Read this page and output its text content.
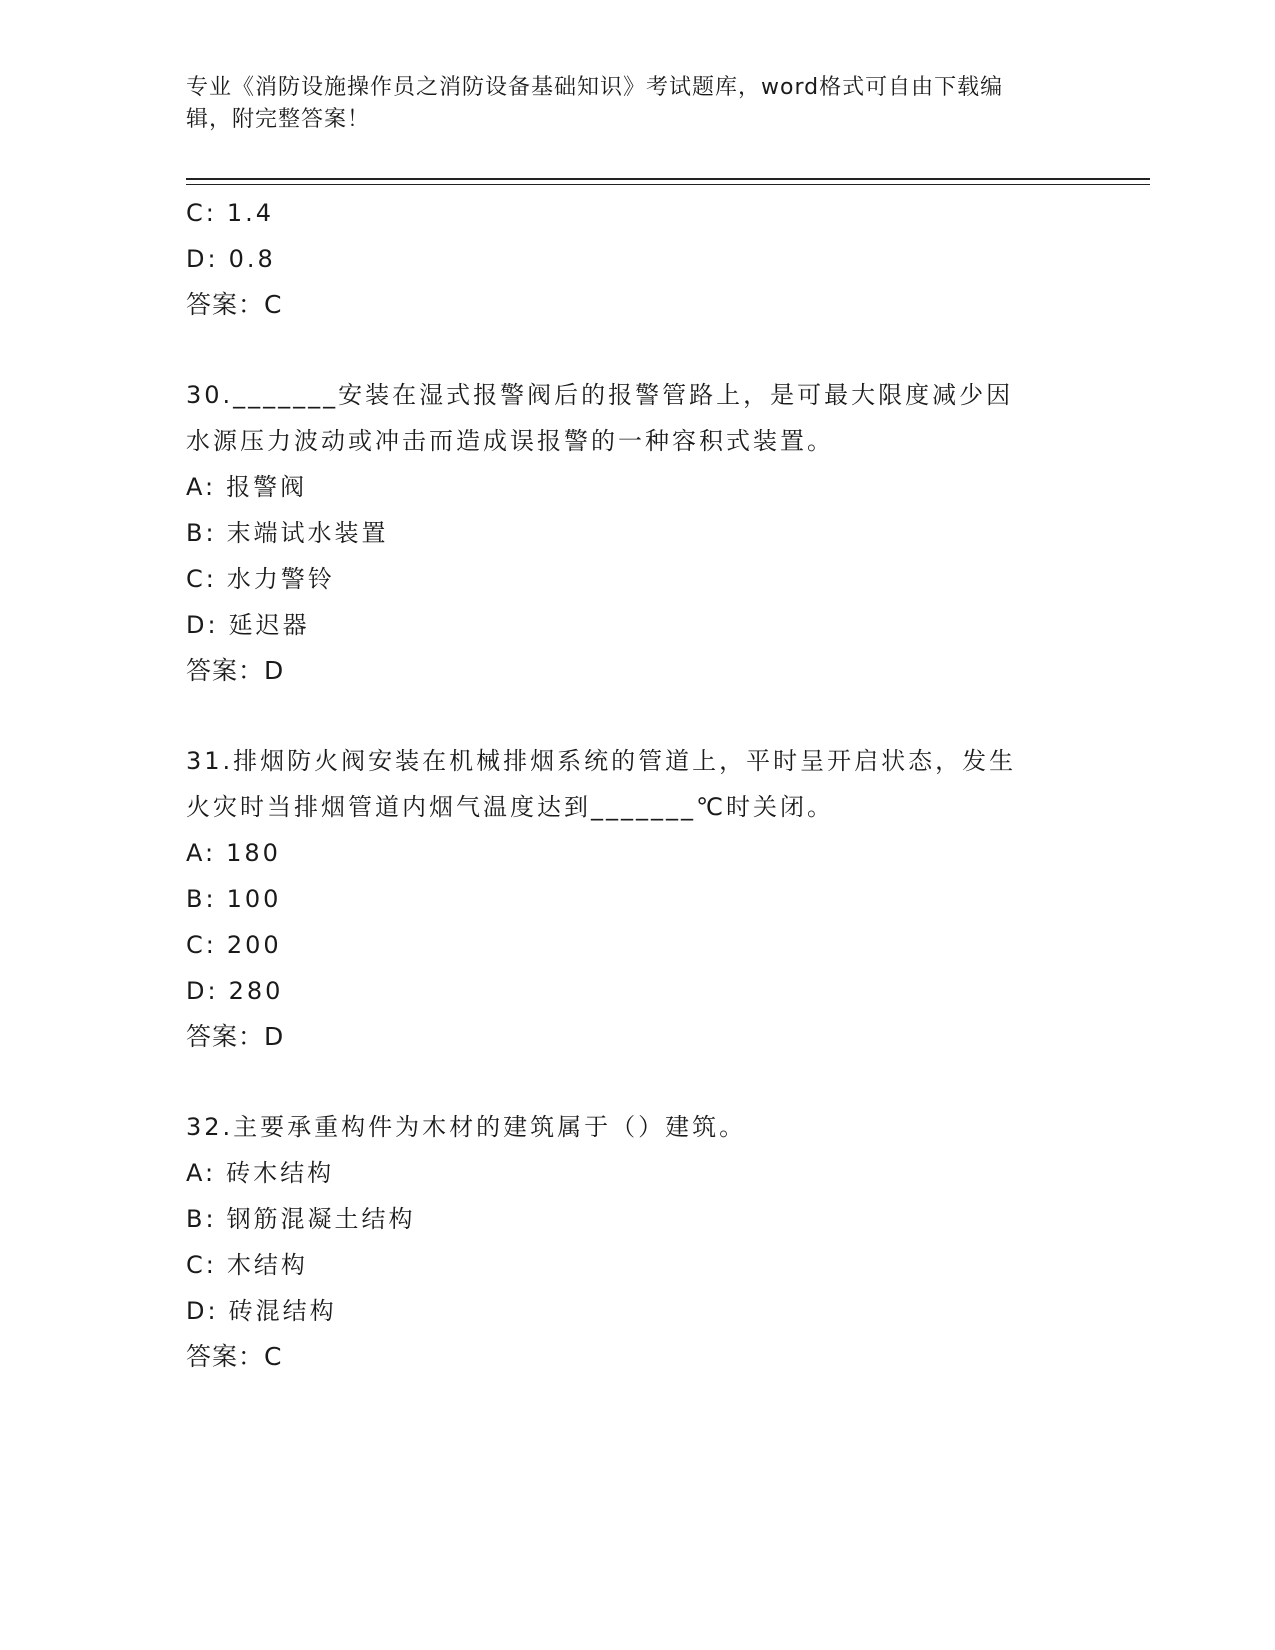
专业《消防设施操作员之消防设备基础知识》考试题库，word格式可自由下载编
辑，附完整答案！
C: 1.4
D: 0.8
答案：C
30._______安装在湿式报警阀后的报警管路上，是可最大限度减少因
水源压力波动或冲击而造成误报警的一种容积式装置。
A: 报警阀
B: 末端试水装置
C: 水力警铃
D: 延迟器
答案：D
31.排烟防火阀安装在机械排烟系统的管道上，平时呈开启状态，发生
火灾时当排烟管道内烟气温度达到_______℃时关闭。
A: 180
B: 100
C: 200
D: 280
答案：D
32.主要承重构件为木材的建筑属于（）建筑。
A: 砖木结构
B: 钢筋混凝土结构
C: 木结构
D: 砖混结构
答案：C
